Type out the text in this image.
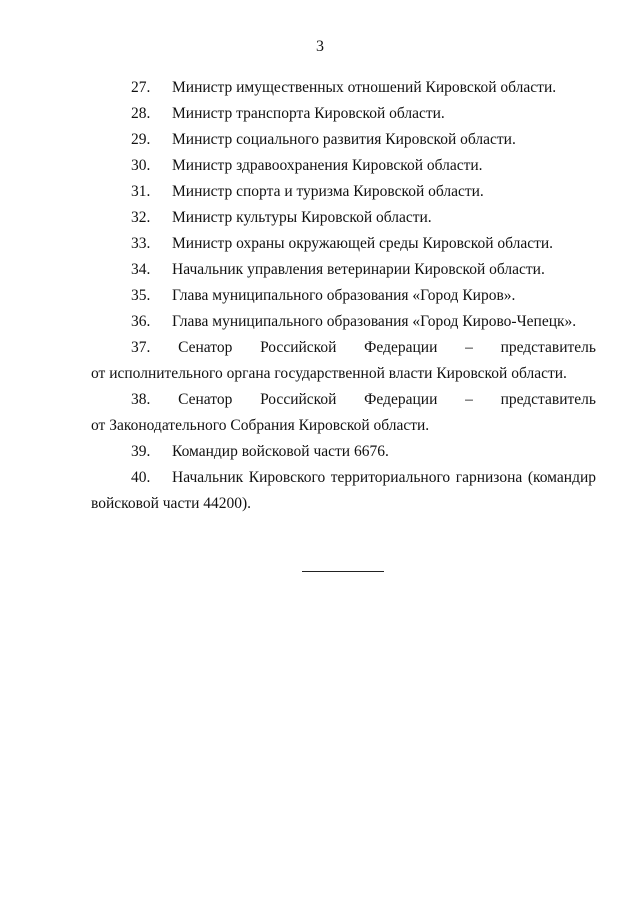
3

27. Министр имущественных отношений Кировской области.

28. Министр транспорта Кировской области.

29. Министр социального развития Кировской области.

30. Министр здравоохранения Кировской области.

31. Министр спорта и туризма Кировской области.

32. Министр культуры Кировской области.

33. Министр охраны окружающей среды Кировской области.

34. Начальник управления ветеринарии Кировской области.

35. Глава муниципального образования «Город Киров».

36. Глава муниципального образования «Город Кирово-Чепецк».

37. Сенатор Российской Федерации – представитель
от исполнительного органа государственной власти Кировской области.
38. Сенатор Российской Федерации – представитель
от Законодательного Собрания Кировской области.

39. Командир войсковой части 6676.

40. Начальник Кировского территориального гарнизона (командир войсковой части 44200).
